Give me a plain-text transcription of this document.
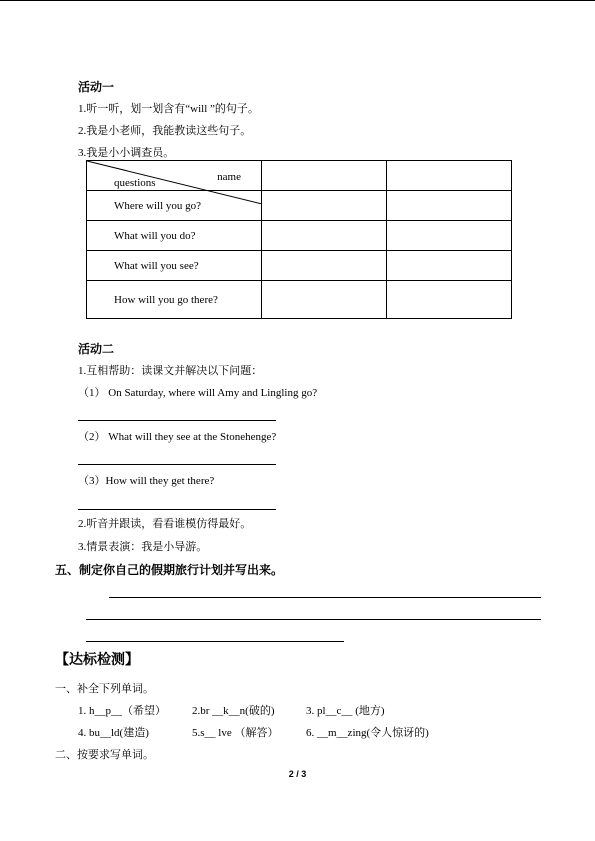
活动一
1.听一听，划一划含有“will ”的句子。
2.我是小老师，我能教读这些句子。
3.我是小小调查员。
name
questions		

Where will you go?		
What will you do?		
What will you see?		
How will you go there?		
活动二
1.互相帮助：读课文并解决以下问题：
（1） On Saturday, where will Amy and Lingling go?
（2） What will they see at the Stonehenge?
（3）How will they get there?
2.听音并跟读，看看谁模仿得最好。
3.情景表演：我是小导游。
五、制定你自己的假期旅行计划并写出来。
【达标检测】
一、补全下列单词。
1. h__p__（希望） 2.br __k__n(破的)	3. pl__c__ (地方)
4. bu__ld(建造)	5.s__ lve （解答）	6. __m__zing(令人惊讶的)
二、按要求写单词。
2 / 3
